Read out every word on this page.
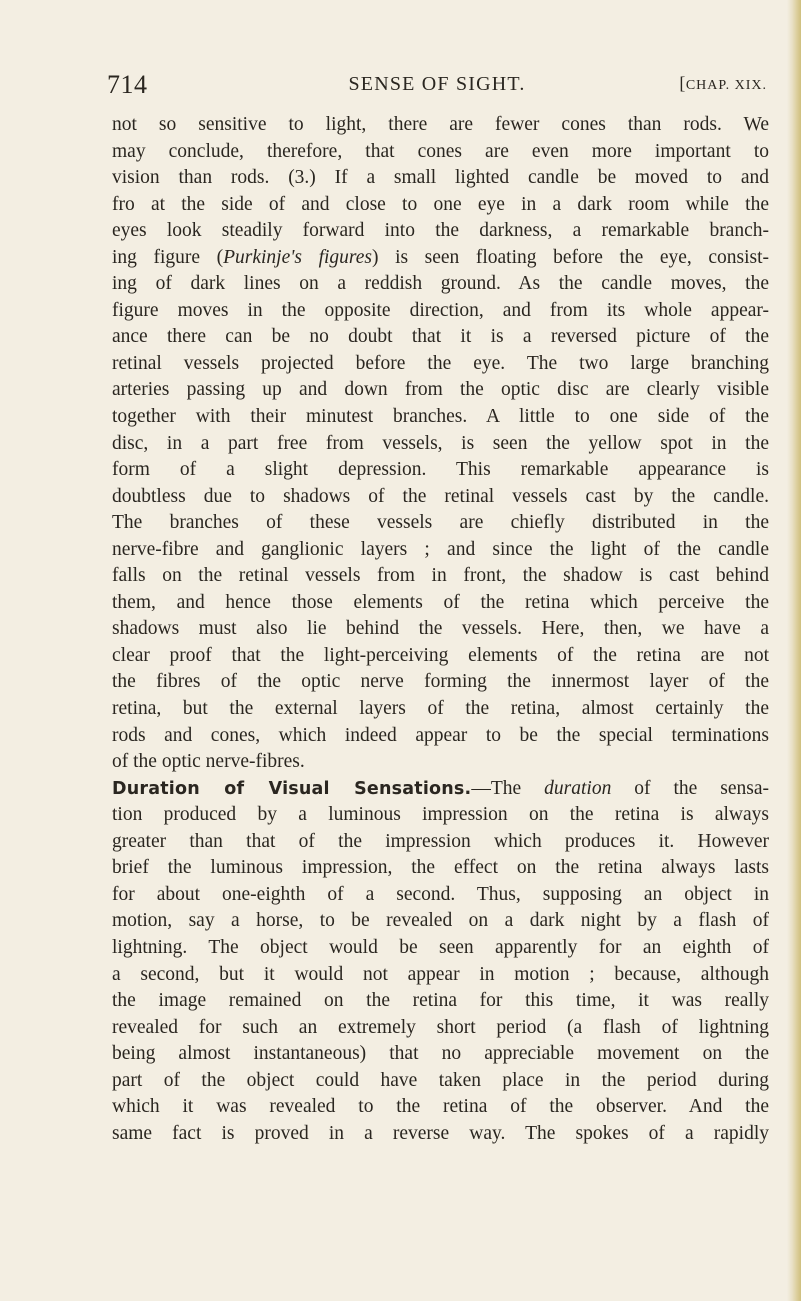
714	SENSE OF SIGHT.	[CHAP. XIX.
not so sensitive to light, there are fewer cones than rods. We
may conclude, therefore, that cones are even more important to
vision than rods. (3.) If a small lighted candle be moved to and
fro at the side of and close to one eye in a dark room while the
eyes look steadily forward into the darkness, a remarkable branch-
ing figure (Purkinje's figures) is seen floating before the eye, consist-
ing of dark lines on a reddish ground. As the candle moves, the
figure moves in the opposite direction, and from its whole appear-
ance there can be no doubt that it is a reversed picture of the
retinal vessels projected before the eye. The two large branching
arteries passing up and down from the optic disc are clearly visible
together with their minutest branches. A little to one side of the
disc, in a part free from vessels, is seen the yellow spot in the
form of a slight depression. This remarkable appearance is
doubtless due to shadows of the retinal vessels cast by the candle.
The branches of these vessels are chiefly distributed in the
nerve-fibre and ganglionic layers ; and since the light of the candle
falls on the retinal vessels from in front, the shadow is cast behind
them, and hence those elements of the retina which perceive the
shadows must also lie behind the vessels. Here, then, we have a
clear proof that the light-perceiving elements of the retina are not
the fibres of the optic nerve forming the innermost layer of the
retina, but the external layers of the retina, almost certainly the
rods and cones, which indeed appear to be the special terminations
of the optic nerve-fibres.
Duration of Visual Sensations.—The duration of the sensa-
tion produced by a luminous impression on the retina is always
greater than that of the impression which produces it. However
brief the luminous impression, the effect on the retina always lasts
for about one-eighth of a second. Thus, supposing an object in
motion, say a horse, to be revealed on a dark night by a flash of
lightning. The object would be seen apparently for an eighth of
a second, but it would not appear in motion ; because, although
the image remained on the retina for this time, it was really
revealed for such an extremely short period (a flash of lightning
being almost instantaneous) that no appreciable movement on the
part of the object could have taken place in the period during
which it was revealed to the retina of the observer. And the
same fact is proved in a reverse way. The spokes of a rapidly
